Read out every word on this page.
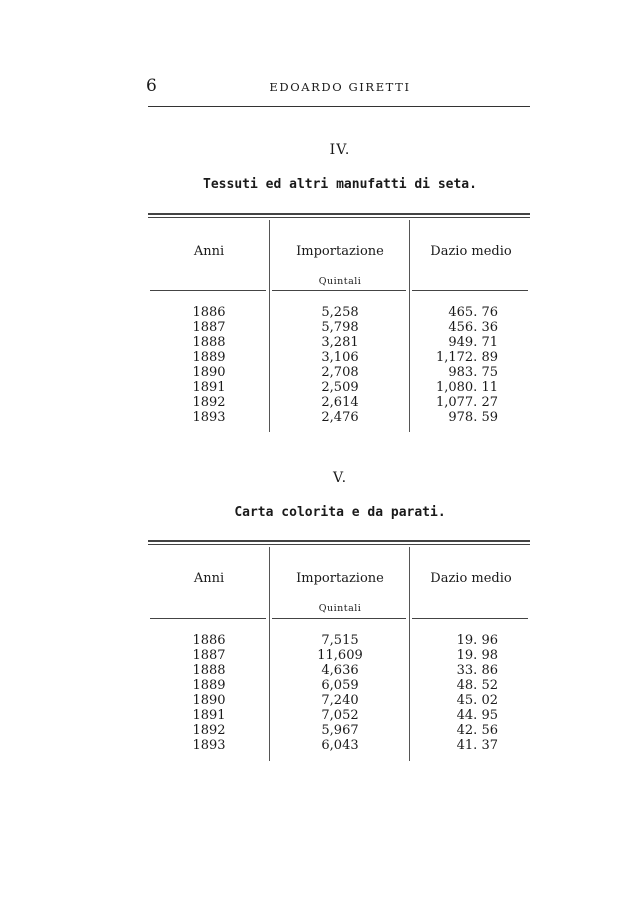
6	EDOARDO GIRETTI
IV.
Tessuti ed altri manufatti di seta.
Anni	Importazione	Dazio medio
Quintali
1886	5,258	465. 76
1887	5,798	456. 36
1888	3,281	949. 71
1889	3,106	1,172. 89
1890	2,708	983. 75
1891	2,509	1,080. 11
1892	2,614	1,077. 27
1893	2,476	978. 59
V.
Carta colorita e da parati.
Anni	Importazione	Dazio medio
Quintali
1886	7,515	19. 96
1887	11,609	19. 98
1888	4,636	33. 86
1889	6,059	48. 52
1890	7,240	45. 02
1891	7,052	44. 95
1892	5,967	42. 56
1893	6,043	41. 37
